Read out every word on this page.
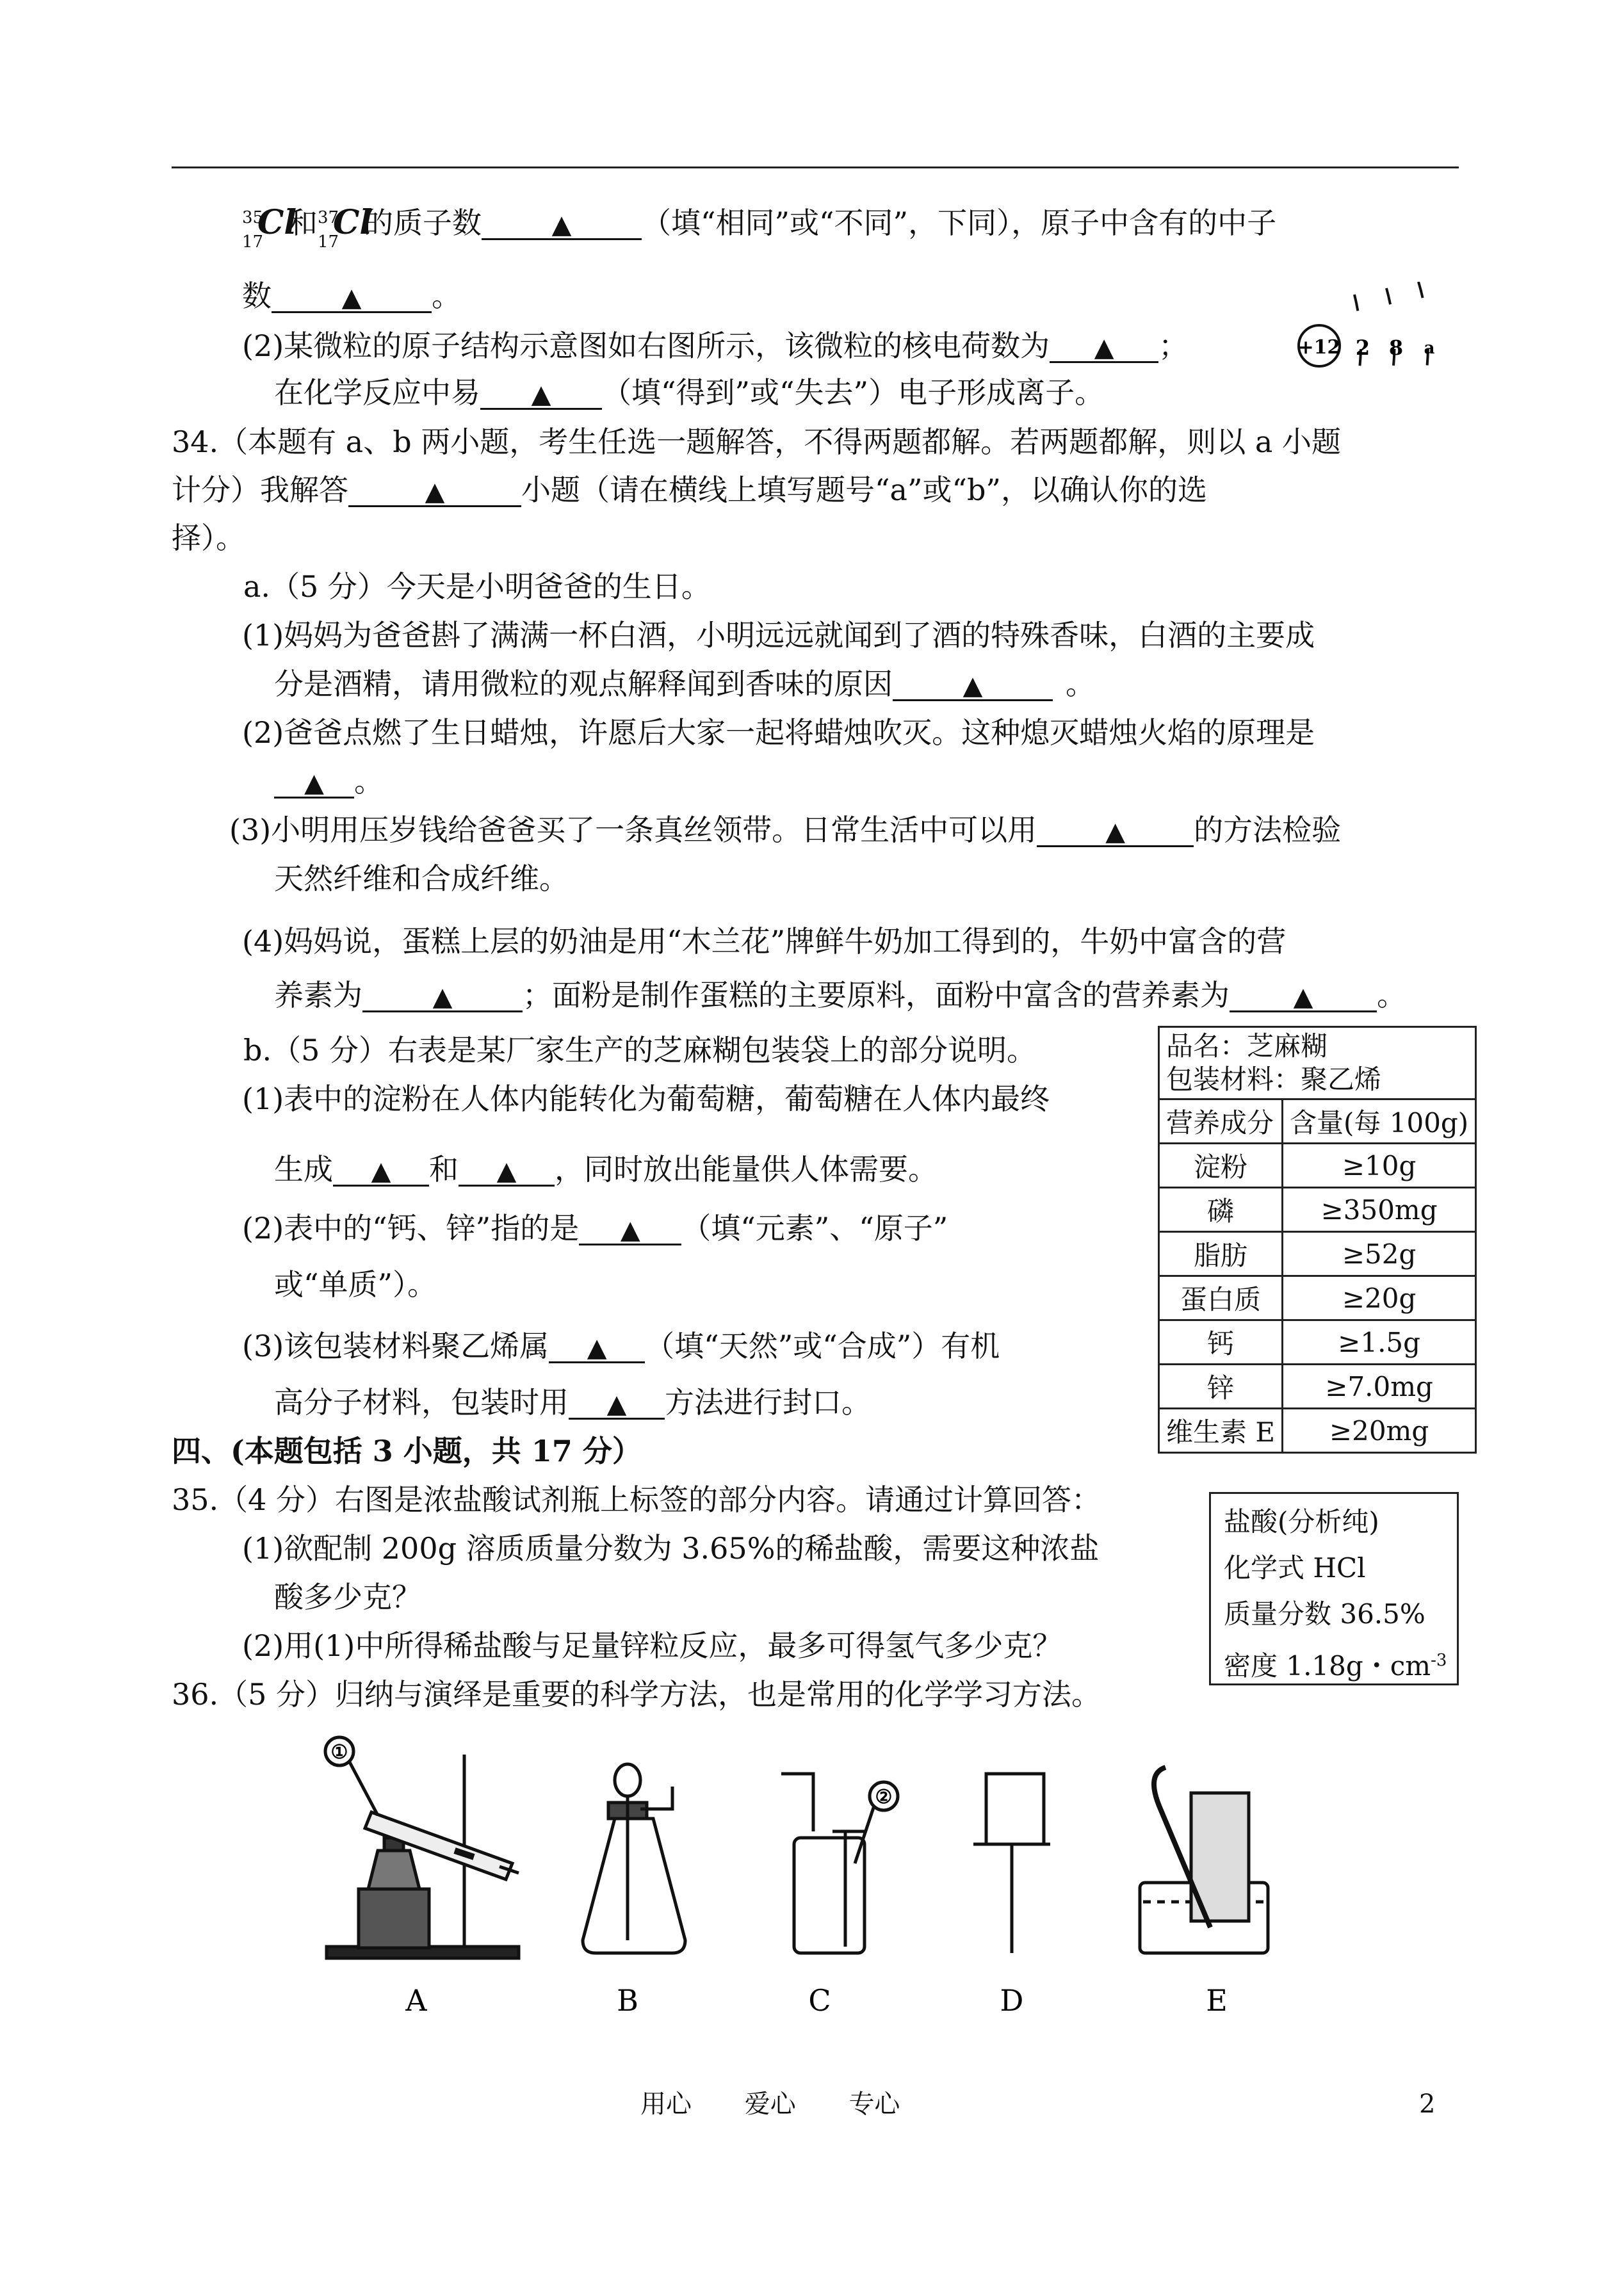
35
17
Cl
和 37
17
Cl
的质子数	▲ （填“相同”或“不同”，下同），原子中含有的中子
数	▲ 。
(2)某微粒的原子结构示意图如右图所示，该微粒的核电荷数为 ▲ ；
在化学反应中易 ▲ （填“得到”或“失去”）电子形成离子。
+12 2 8 a
34.（本题有 a、b 两小题，考生任选一题解答，不得两题都解。若两题都解，则以 a 小题
计分）我解答	▲	小题（请在横线上填写题号“a”或“b”，以确认你的选
择）。
a.（5 分）今天是小明爸爸的生日。
(1)妈妈为爸爸斟了满满一杯白酒，小明远远就闻到了酒的特殊香味，白酒的主要成
分是酒精，请用微粒的观点解释闻到香味的原因	▲	。
(2)爸爸点燃了生日蜡烛，许愿后大家一起将蜡烛吹灭。这种熄灭蜡烛火焰的原理是
▲ 。
(3)小明用压岁钱给爸爸买了一条真丝领带。日常生活中可以用	▲ 的方法检验
天然纤维和合成纤维。
(4)妈妈说，蛋糕上层的奶油是用“木兰花”牌鲜牛奶加工得到的，牛奶中富含的营
养素为	▲ ；面粉是制作蛋糕的主要原料，面粉中富含的营养素为 ▲ 。
b.（5 分）右表是某厂家生产的芝麻糊包装袋上的部分说明。
(1)表中的淀粉在人体内能转化为葡萄糖，葡萄糖在人体内最终
生成 ▲ 和 ▲ ，同时放出能量供人体需要。
(2)表中的“钙、锌”指的是 ▲ （填“元素”、“原子”
或“单质”）。
(3)该包装材料聚乙烯属 ▲ （填“天然”或“合成”）有机
高分子材料，包装时用 ▲ 方法进行封口。
品名：芝麻糊
包装材料：聚乙烯	

营养成分	含量(每 100g)
淀粉	≥10g
磷	≥350mg
脂肪	≥52g
蛋白质	≥20g
钙	≥1.5g
锌	≥7.0mg
维生素 E	≥20mg
四、(本题包括 3 小题，共 17 分）
35.（4 分）右图是浓盐酸试剂瓶上标签的部分内容。请通过计算回答：
(1)欲配制 200g 溶质质量分数为 3.65%的稀盐酸，需要这种浓盐
酸多少克？
(2)用(1)中所得稀盐酸与足量锌粒反应，最多可得氢气多少克？
盐酸(分析纯)
化学式 HCl
质量分数 36.5%
密度 1.18g・$cm^{-3}$
36.（5 分）归纳与演绎是重要的科学方法，也是常用的化学学习方法。
①
②
A	B	C	D	E
用心 爱心 专心	2
